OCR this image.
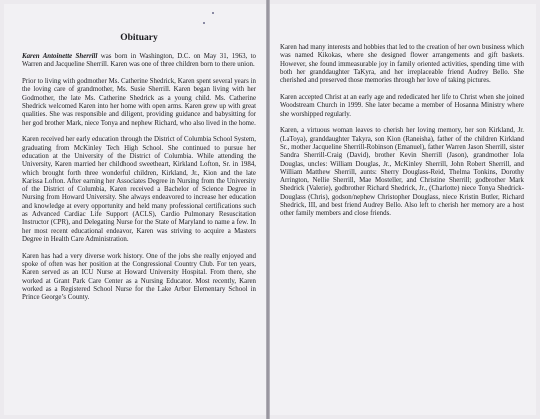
Obituary

Karen Antoinette Sherrill was born in Washington, D.C. on May 31, 1963, to Warren and Jacqueline Sherrill. Karen was one of three children born to there union.

Prior to living with godmother Ms. Catherine Shedrick, Karen spent several years in the loving care of grandmother, Ms. Susie Sherrill. Karen began living with her Godmother, the late Ms. Catherine Shedrick as a young child. Ms. Catherine Shedrick welcomed Karen into her home with open arms. Karen grew up with great qualities. She was responsible and diligent, providing guidance and babysitting for her god brother Mark, niece Tonya and nephew Richard, who also lived in the home.

Karen received her early education through the District of Columbia School System, graduating from McKinley Tech High School. She continued to pursue her education at the University of the District of Columbia. While attending the University, Karen married her childhood sweetheart, Kirkland Lofton, Sr. in 1984, which brought forth three wonderful children, Kirkland, Jr., Kion and the late Karissa Lofton. After earning her Associates Degree in Nursing from the University of the District of Columbia, Karen received a Bachelor of Science Degree in Nursing from Howard University. She always endeavored to increase her education and knowledge at every opportunity and held many professional certifications such as Advanced Cardiac Life Support (ACLS), Cardio Pulmonary Resuscitation Instructor (CPR), and Delegating Nurse for the State of Maryland to name a few. In her most recent educational endeavor, Karen was striving to acquire a Masters Degree in Health Care Administration.

Karen has had a very diverse work history. One of the jobs she really enjoyed and spoke of often was her position at the Congressional Country Club. For ten years, Karen served as an ICU Nurse at Howard University Hospital. From there, she worked at Grant Park Care Center as a Nursing Educator. Most recently, Karen worked as a Registered School Nurse for the Lake Arbor Elementary School in Prince George’s County.

Karen had many interests and hobbies that led to the creation of her own business which was named Kikokas, where she designed flower arrangements and gift baskets. However, she found immeasurable joy in family oriented activities, spending time with both her granddaughter TaKyra, and her irreplaceable friend Audrey Bello. She cherished and preserved those memories through her love of taking pictures.

Karen accepted Christ at an early age and rededicated her life to Christ when she joined Woodstream Church in 1999. She later became a member of Hosanna Ministry where she worshipped regularly.

Karen, a virtuous woman leaves to cherish her loving memory, her son Kirkland, Jr.(LaToya), granddaughter Takyra, son Kion (Raneisha), father of the children Kirkland Sr., mother Jacqueline Sherrill-Robinson (Emanuel), father Warren Jason Sherrill, sister Sandra Sherrill-Craig (David), brother Kevin Sherrill (Jason), grandmother Iola Douglas, uncles: William Douglas, Jr., McKinley Sherrill, John Robert Sherrill, and William Matthew Sherrill, aunts: Sherry Douglass-Reid, Thelma Tonkins, Dorothy Arrington, Nellie Sherrill, Mae Mosteller, and Christine Sherrill; godbrother Mark Shedrick (Valerie), godbrother Richard Shedrick, Jr., (Charlotte) niece Tonya Shedrick-Douglass (Chris), godson/nephew Christopher Douglass, niece Kristin Butler, Richard Shedrick, III, and best friend Audrey Bello. Also left to cherish her memory are a host other family members and close friends.
